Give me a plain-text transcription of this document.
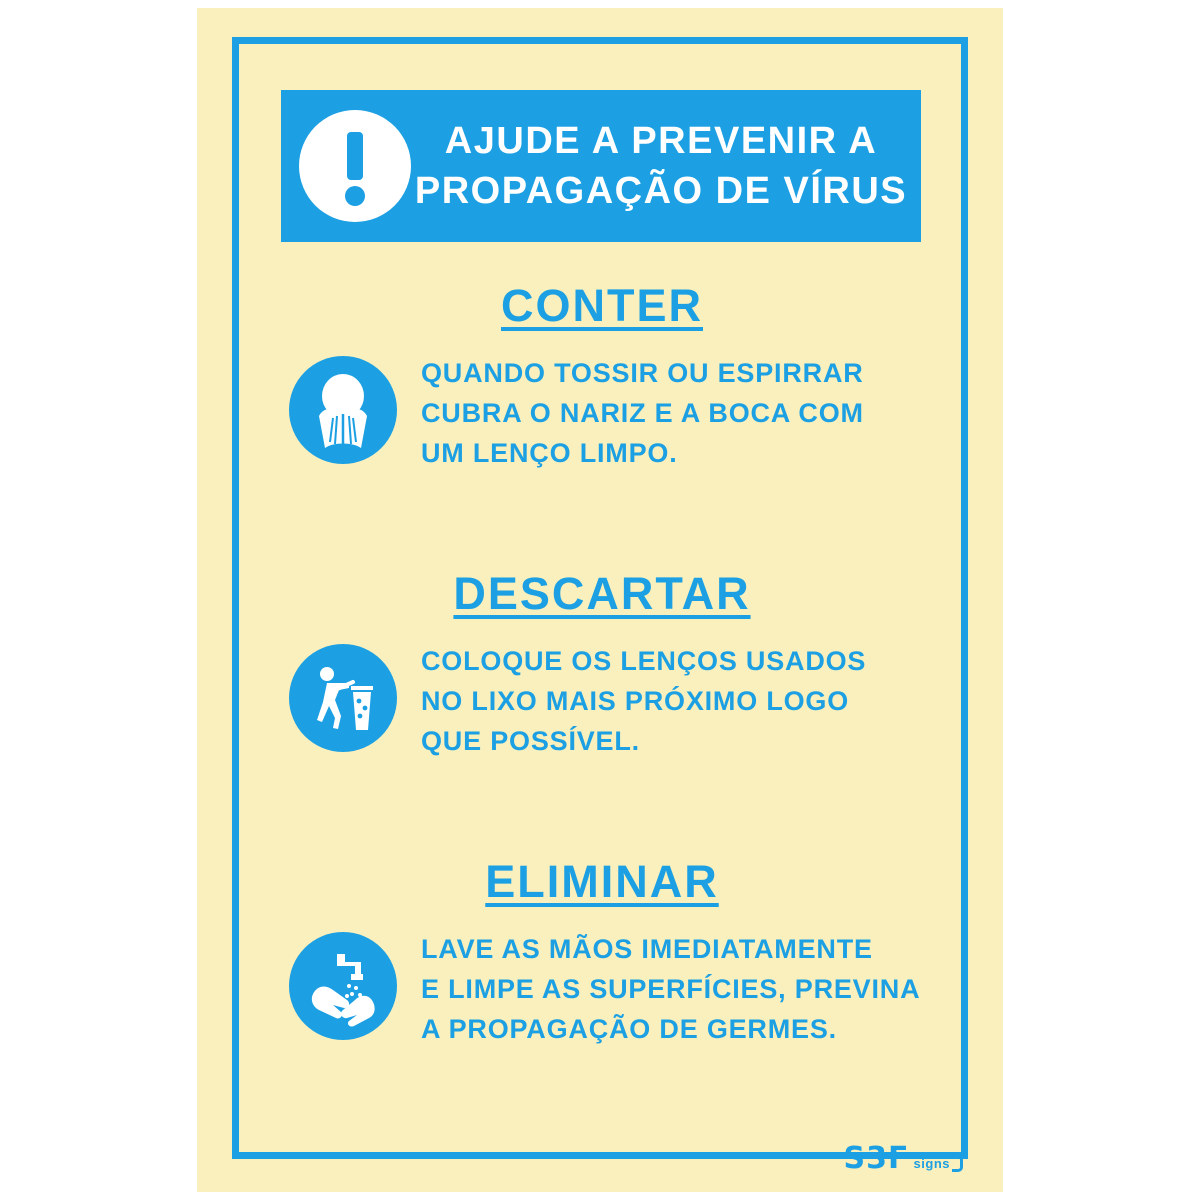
AJUDE A PREVENIR A
PROPAGAÇÃO DE VÍRUS
CONTER
QUANDO TOSSIR OU ESPIRRAR
CUBRA O NARIZ E A BOCA COM
UM LENÇO LIMPO.
DESCARTAR
COLOQUE OS LENÇOS USADOS
NO LIXO MAIS PRÓXIMO LOGO
QUE POSSÍVEL.
ELIMINAR
LAVE AS MÃOS IMEDIATAMENTE
E LIMPE AS SUPERFÍCIES, PREVINA
A PROPAGAÇÃO DE GERMES.
S3F signs
